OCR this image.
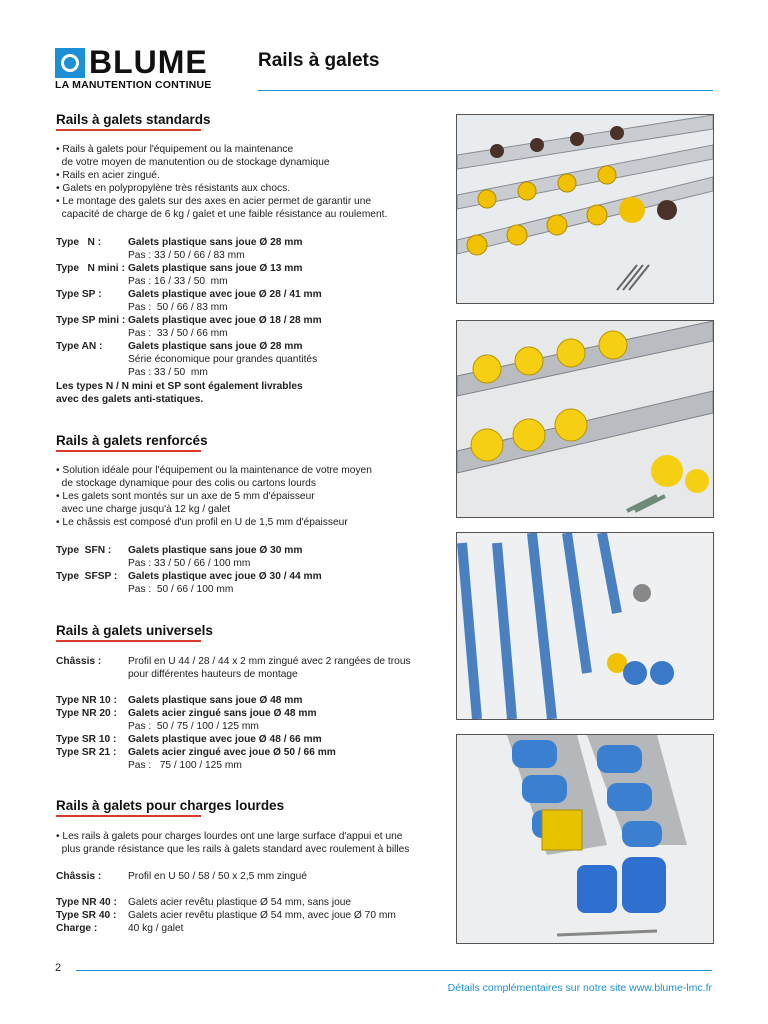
BLUME
LA MANUTENTION CONTINUE
Rails à galets
Rails à galets standards
• Rails à galets pour l'équipement ou la maintenance
de votre moyen de manutention ou de stockage dynamique
• Rails en acier zingué.
• Galets en polypropylène très résistants aux chocs.
• Le montage des galets sur des axes en acier permet de garantir une
capacité de charge de 6 kg / galet et une faible résistance au roulement.
Type   N :	Galets plastique sans joue Ø 28 mm
Pas : 33 / 50 / 66 / 83 mm
Type   N mini : Galets plastique sans joue Ø 13 mm
Pas : 16 / 33 / 50  mm
Type SP :	Galets plastique avec joue Ø 28 / 41 mm
Pas :  50 / 66 / 83 mm
Type SP mini : Galets plastique avec joue Ø 18 / 28 mm
Pas :  33 / 50 / 66 mm
Type AN :	Galets plastique sans joue Ø 28 mm
Série économique pour grandes quantités
Pas : 33 / 50  mm
Les types N / N mini et SP sont également livrables
avec des galets anti-statiques.
Rails à galets renforcés
• Solution idéale pour l'équipement ou la maintenance de votre moyen
de stockage dynamique pour des colis ou cartons lourds
• Les galets sont montés sur un axe de 5 mm d'épaisseur
avec une charge jusqu'à 12 kg / galet
• Le châssis est composé d'un profil en U de 1,5 mm d'épaisseur
Type  SFN : Galets plastique sans joue Ø 30 mm
Pas : 33 / 50 / 66 / 100 mm
Type  SFSP : Galets plastique avec joue Ø 30 / 44 mm
Pas :  50 / 66 / 100 mm
Rails à galets universels
Châssis :	Profil en U 44 / 28 / 44 x 2 mm zingué avec 2 rangées de trous
pour différentes hauteurs de montage
Type NR 10 : Galets plastique sans joue Ø 48 mm
Type NR 20 : Galets acier zingué sans joue Ø 48 mm
Pas :  50 / 75 / 100 / 125 mm
Type SR 10 : Galets plastique avec joue Ø 48 / 66 mm
Type SR 21 : Galets acier zingué avec joue Ø 50 / 66 mm
Pas :   75 / 100 / 125 mm
Rails à galets pour charges lourdes
• Les rails à galets pour charges lourdes ont une large surface d'appui et une
plus grande résistance que les rails à galets standard avec roulement à billes
Châssis :	Profil en U 50 / 58 / 50 x 2,5 mm zingué
Type NR 40 : Galets acier revêtu plastique Ø 54 mm, sans joue
Type SR 40 : Galets acier revêtu plastique Ø 54 mm, avec joue Ø 70 mm
Charge :	40 kg / galet
2
Détails complémentaires sur notre site www.blume-lmc.fr
